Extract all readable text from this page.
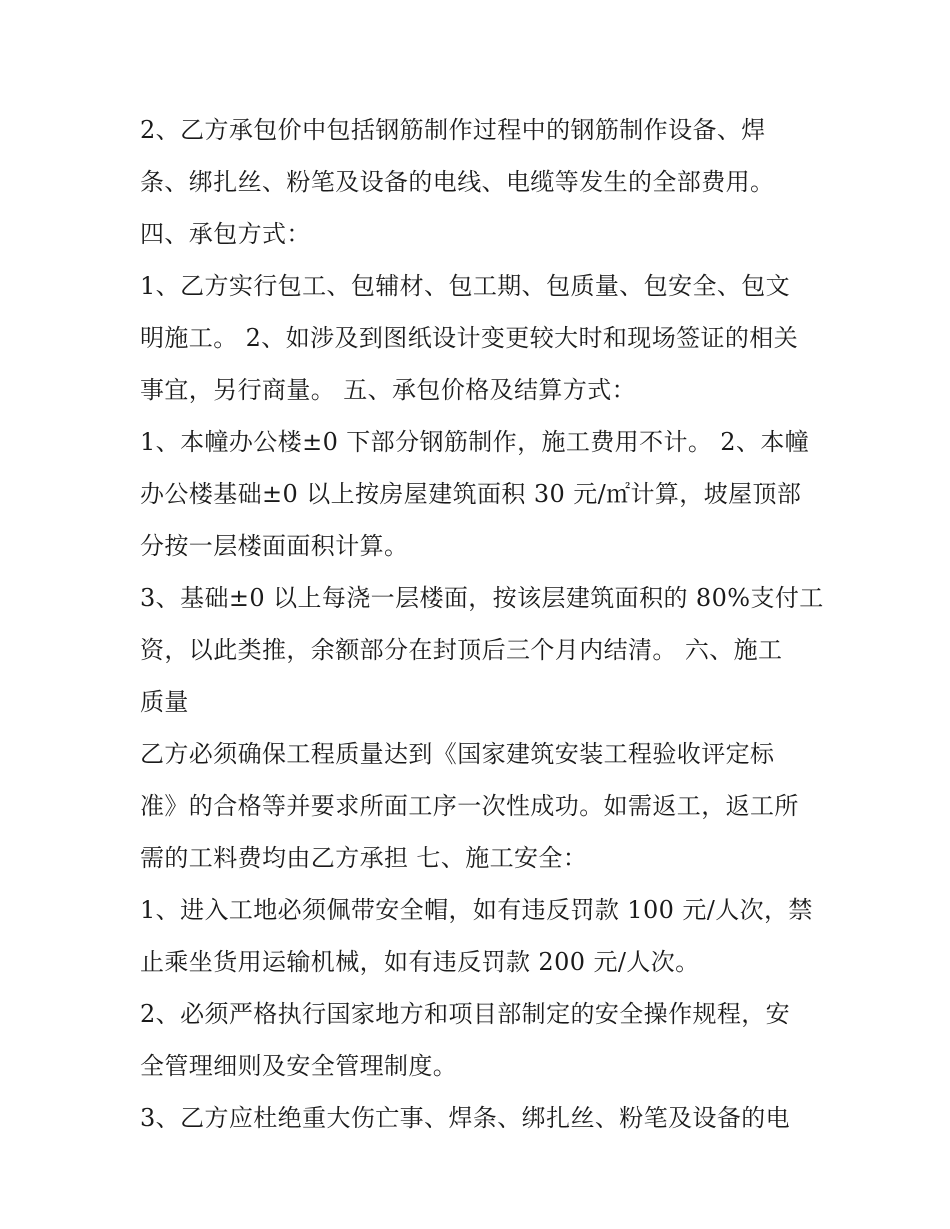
2、乙方承包价中包括钢筋制作过程中的钢筋制作设备、焊
条、绑扎丝、粉笔及设备的电线、电缆等发生的全部费用。
四、承包方式：
1、乙方实行包工、包辅材、包工期、包质量、包安全、包文
明施工。 2、如涉及到图纸设计变更较大时和现场签证的相关
事宜，另行商量。 五、承包价格及结算方式：
1、本幢办公楼±0 下部分钢筋制作，施工费用不计。 2、本幢
办公楼基础±0 以上按房屋建筑面积 30 元/㎡计算，坡屋顶部
分按一层楼面面积计算。
3、基础±0 以上每浇一层楼面，按该层建筑面积的 80%支付工
资，以此类推，余额部分在封顶后三个月内结清。 六、施工
质量
乙方必须确保工程质量达到《国家建筑安装工程验收评定标
准》的合格等并要求所面工序一次性成功。如需返工，返工所
需的工料费均由乙方承担 七、施工安全：
1、进入工地必须佩带安全帽，如有违反罚款 100 元/人次，禁
止乘坐货用运输机械，如有违反罚款 200 元/人次。
2、必须严格执行国家地方和项目部制定的安全操作规程，安
全管理细则及安全管理制度。
3、乙方应杜绝重大伤亡事、焊条、绑扎丝、粉笔及设备的电
